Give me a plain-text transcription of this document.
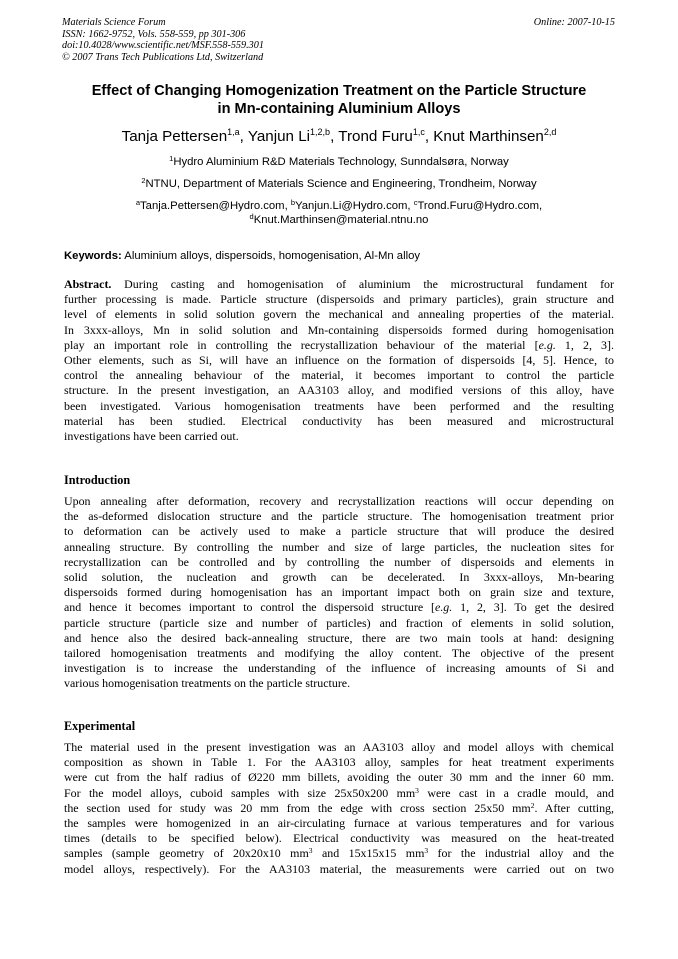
Materials Science Forum
ISSN: 1662-9752, Vols. 558-559, pp 301-306
doi:10.4028/www.scientific.net/MSF.558-559.301
© 2007 Trans Tech Publications Ltd, Switzerland
Online: 2007-10-15
Effect of Changing Homogenization Treatment on the Particle Structure
in Mn-containing Aluminium Alloys
Tanja Pettersen$^{1,a}$, Yanjun Li$^{1,2,b}$, Trond Furu$^{1,c}$, Knut Marthinsen$^{2,d}$
$^1$Hydro Aluminium R&D Materials Technology, Sunndalsøra, Norway
$^2$NTNU, Department of Materials Science and Engineering, Trondheim, Norway
$^a$Tanja.Pettersen@Hydro.com, $^b$Yanjun.Li@Hydro.com, $^c$Trond.Furu@Hydro.com,
$^d$Knut.Marthinsen@material.ntnu.no
Keywords: Aluminium alloys, dispersoids, homogenisation, Al-Mn alloy
Abstract. During casting and homogenisation of aluminium the microstructural fundament for
further processing is made. Particle structure (dispersoids and primary particles), grain structure and
level of elements in solid solution govern the mechanical and annealing properties of the material.
In 3xxx-alloys, Mn in solid solution and Mn-containing dispersoids formed during homogenisation
play an important role in controlling the recrystallization behaviour of the material [e.g. 1, 2, 3].
Other elements, such as Si, will have an influence on the formation of dispersoids [4, 5]. Hence, to
control the annealing behaviour of the material, it becomes important to control the particle
structure. In the present investigation, an AA3103 alloy, and modified versions of this alloy, have
been investigated. Various homogenisation treatments have been performed and the resulting
material has been studied. Electrical conductivity has been measured and microstructural
investigations have been carried out.
Introduction
Upon annealing after deformation, recovery and recrystallization reactions will occur depending on
the as-deformed dislocation structure and the particle structure. The homogenisation treatment prior
to deformation can be actively used to make a particle structure that will produce the desired
annealing structure. By controlling the number and size of large particles, the nucleation sites for
recrystallization can be controlled and by controlling the number of dispersoids and elements in
solid solution, the nucleation and growth can be decelerated. In 3xxx-alloys, Mn-bearing
dispersoids formed during homogenisation has an important impact both on grain size and texture,
and hence it becomes important to control the dispersoid structure [e.g. 1, 2, 3]. To get the desired
particle structure (particle size and number of particles) and fraction of elements in solid solution,
and hence also the desired back-annealing structure, there are two main tools at hand: designing
tailored homogenisation treatments and modifying the alloy content. The objective of the present
investigation is to increase the understanding of the influence of increasing amounts of Si and
various homogenisation treatments on the particle structure.
Experimental
The material used in the present investigation was an AA3103 alloy and model alloys with chemical
composition as shown in Table 1. For the AA3103 alloy, samples for heat treatment experiments
were cut from the half radius of Ø220 mm billets, avoiding the outer 30 mm and the inner 60 mm.
For the model alloys, cuboid samples with size 25x50x200 $mm^3$ were cast in a cradle mould, and
the section used for study was 20 mm from the edge with cross section 25x50 $mm^2$. After cutting,
the samples were homogenized in an air-circulating furnace at various temperatures and for various
times (details to be specified below). Electrical conductivity was measured on the heat-treated
samples (sample geometry of 20x20x10 $mm^3$ and 15x15x15 $mm^3$ for the industrial alloy and the
model alloys, respectively). For the AA3103 material, the measurements were carried out on two
